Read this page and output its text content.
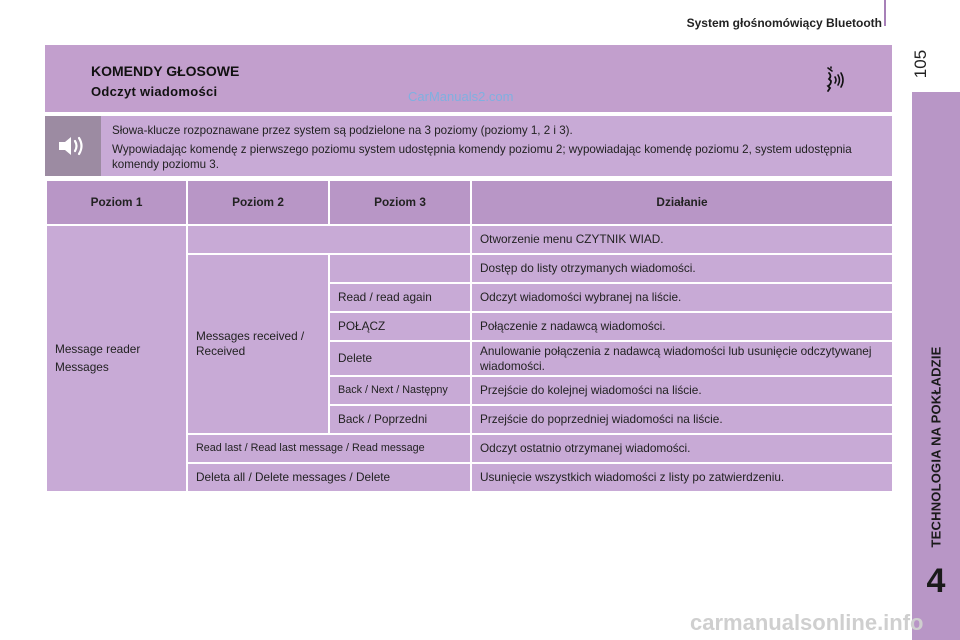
System głośnomówiący Bluetooth
105
TECHNOLOGIA NA POKŁADZIE
4
KOMENDY GŁOSOWE
Odczyt wiadomości	CarManuals2.com

Słowa-klucze rozpoznawane przez system są podzielone na 3 poziomy (poziomy 1, 2 i 3).

Wypowiadając komendę z pierwszego poziomu system udostępnia komendy poziomu 2; wypowiadając komendę poziomu 2, system udostępnia komendy poziomu 3.

Poziom 1	Poziom 2	Poziom 3	Działanie

Message reader
Messages			Otworzenie menu CZYTNIK WIAD.

	Messages received /
Received		Dostęp do listy otrzymanych wiadomości.
		Read / read again	Odczyt wiadomości wybranej na liście.
		POŁĄCZ	Połączenie z nadawcą wiadomości.
		Delete	Anulowanie połączenia z nadawcą wiadomości lub usunięcie odczytywanej wiadomości.
		Back / Next / Następny	Przejście do kolejnej wiadomości na liście.
		Back / Poprzedni	Przejście do poprzedniej wiadomości na liście.
	Read last / Read last message / Read message		Odczyt ostatnio otrzymanej wiadomości.
	Deleta all / Delete messages / Delete		Usunięcie wszystkich wiadomości z listy po zatwierdzeniu.
carmanualsonline.info
